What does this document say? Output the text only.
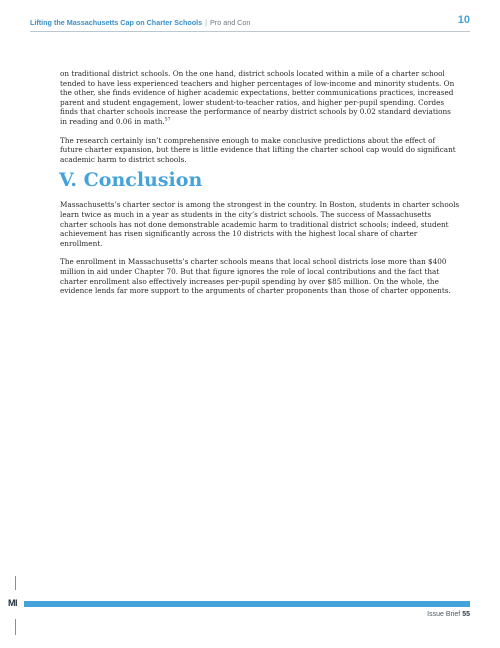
Lifting the Massachusetts Cap on Charter Schools | Pro and Con	10

on traditional district schools. On the one hand, district schools located within a mile of a charter school tended to have less experienced teachers and higher percentages of low-income and minority students. On the other, she finds evidence of higher academic expectations, better communications practices, increased parent and student engagement, lower student-to-teacher ratios, and higher per-pupil spending. Cordes finds that charter schools increase the performance of nearby district schools by 0.02 standard deviations in reading and 0.06 in math.$^{57}$

The research certainly isn’t comprehensive enough to make conclusive predictions about the effect of future charter expansion, but there is little evidence that lifting the charter school cap would do significant academic harm to district schools.

V. Conclusion

Massachusetts’s charter sector is among the strongest in the country. In Boston, students in charter schools learn twice as much in a year as students in the city’s district schools. The success of Massachusetts charter schools has not done demonstrable academic harm to traditional district schools; indeed, student achievement has risen significantly across the 10 districts with the highest local share of charter enrollment.

The enrollment in Massachusetts’s charter schools means that local school districts lose more than $400 million in aid under Chapter 70. But that figure ignores the role of local contributions and the fact that charter enrollment also effectively increases per-pupil spending by over $85 million. On the whole, the evidence lends far more support to the arguments of charter proponents than those of charter opponents.

MI
Issue Brief 55
